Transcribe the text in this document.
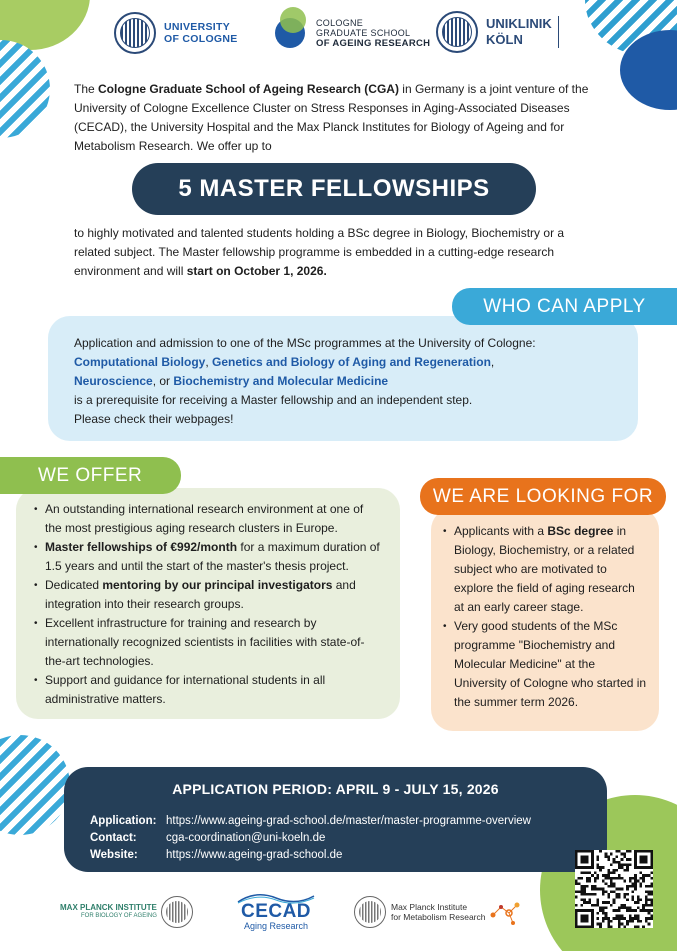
UNIVERSITY
OF COLOGNE
COLOGNE
GRADUATE SCHOOL
OF AGEING RESEARCH
UNIKLINIK
KÖLN

The Cologne Graduate School of Ageing Research (CGA) in Germany is a joint venture of the University of Cologne Excellence Cluster on Stress Responses in Aging-Associated Diseases (CECAD), the University Hospital and the Max Planck Institutes for Biology of Ageing and for Metabolism Research. We offer up to

5 MASTER FELLOWSHIPS

to highly motivated and talented students holding a BSc degree in Biology, Biochemistry or a related subject. The Master fellowship programme is embedded in a cutting-edge research environment and will start on October 1, 2026.

Application and admission to one of the MSc programmes at the University of Cologne:
Computational Biology, Genetics and Biology of Aging and Regeneration,
Neuroscience, or Biochemistry and Molecular Medicine
is a prerequisite for receiving a Master fellowship and an independent step.
Please check their webpages!
WHO CAN APPLY
• An outstanding international research environment at one of the most prestigious aging research clusters in Europe.
• Master fellowships of €992/month for a maximum duration of 1.5 years and until the start of the master's thesis project.
• Dedicated mentoring by our principal investigators and integration into their research groups.
• Excellent infrastructure for training and research by internationally recognized scientists in facilities with state-of-the-art technologies.
• Support and guidance for international students in all administrative matters.
WE OFFER
• Applicants with a BSc degree in Biology, Biochemistry, or a related subject who are motivated to explore the field of aging research at an early career stage.
• Very good students of the MSc programme "Biochemistry and Molecular Medicine" at the University of Cologne who started in the summer term 2026.
WE ARE LOOKING FOR
APPLICATION PERIOD: APRIL 9 - JULY 15, 2026
Application: https://www.ageing-grad-school.de/master/master-programme-overview
Contact:	cga-coordination@uni-koeln.de
Website: https://www.ageing-grad-school.de
MAX PLANCK INSTITUTE
FOR BIOLOGY OF AGEING	CECAD
Aging Research
Max Planck Institute
for Metabolism Research
